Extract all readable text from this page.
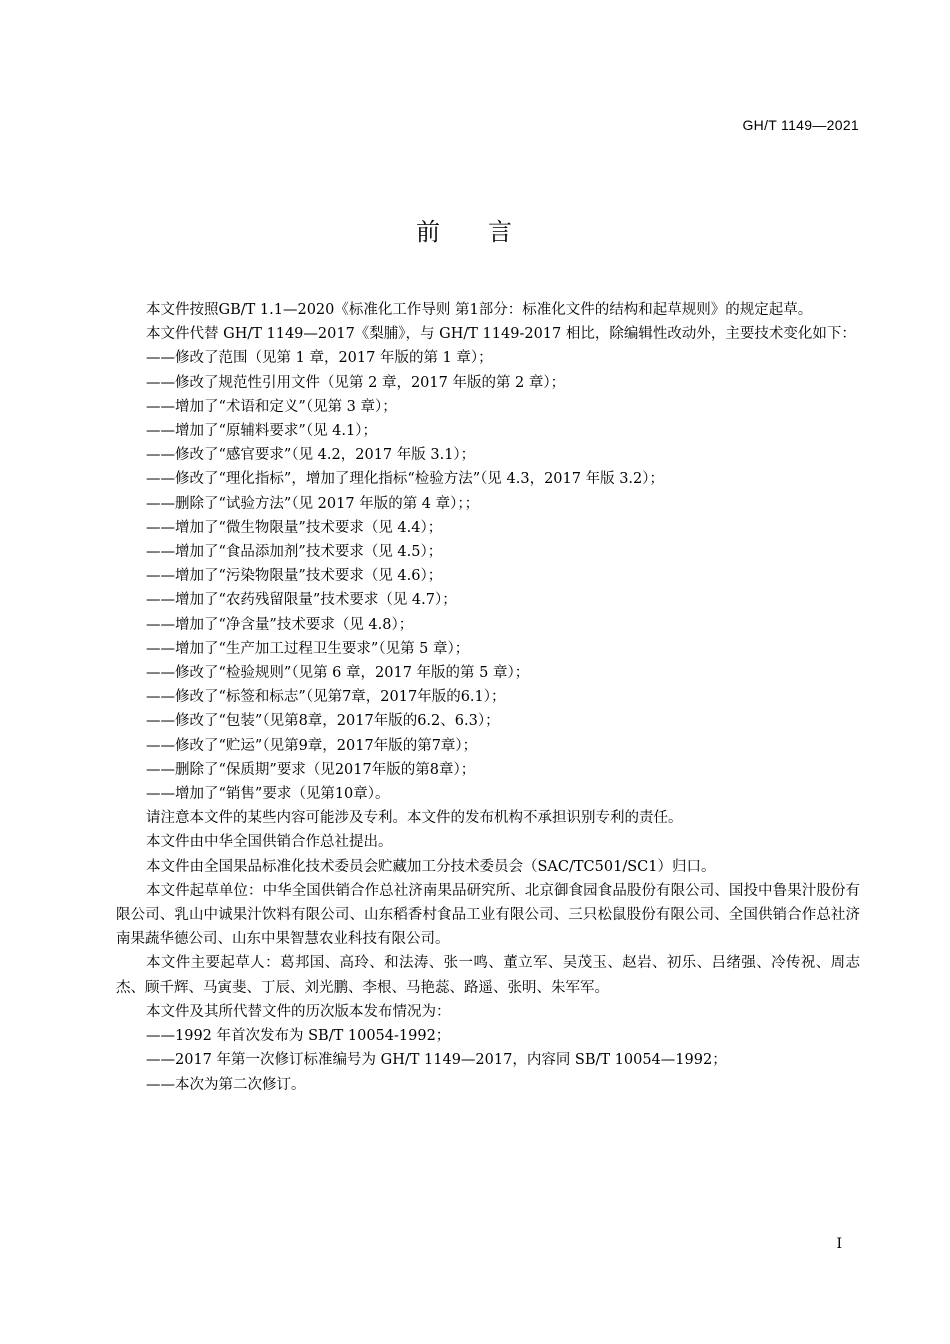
GH/T 1149—2021
前言

本文件按照GB/T 1.1—2020《标准化工作导则 第1部分：标准化文件的结构和起草规则》的规定起草。

本文件代替 GH/T 1149—2017《梨脯》，与 GH/T 1149-2017 相比，除编辑性改动外，主要技术变化如下：

——修改了范围（见第 1 章，2017 年版的第 1 章）；
——修改了规范性引用文件（见第 2 章，2017 年版的第 2 章）；
——增加了“术语和定义”（见第 3 章）；
——增加了“原辅料要求”（见 4.1）；
——修改了“感官要求”（见 4.2，2017 年版 3.1）；
——修改了“理化指标”，增加了理化指标“检验方法”（见 4.3，2017 年版 3.2）；
——删除了“试验方法”（见 2017 年版的第 4 章）；；
——增加了“微生物限量”技术要求（见 4.4）；
——增加了“食品添加剂”技术要求（见 4.5）；
——增加了“污染物限量”技术要求（见 4.6）；
——增加了“农药残留限量”技术要求（见 4.7）；
——增加了“净含量”技术要求（见 4.8）；
——增加了“生产加工过程卫生要求”（见第 5 章）；
——修改了“检验规则”（见第 6 章，2017 年版的第 5 章）；
——修改了“标签和标志”（见第7章，2017年版的6.1）；
——修改了“包装”（见第8章，2017年版的6.2、6.3）；
——修改了“贮运”（见第9章，2017年版的第7章）；
——删除了“保质期”要求（见2017年版的第8章）；
——增加了“销售”要求（见第10章）。

请注意本文件的某些内容可能涉及专利。本文件的发布机构不承担识别专利的责任。

本文件由中华全国供销合作总社提出。

本文件由全国果品标准化技术委员会贮藏加工分技术委员会（SAC/TC501/SC1）归口。

本文件起草单位：中华全国供销合作总社济南果品研究所、北京御食园食品股份有限公司、国投中鲁果汁股份有限公司、乳山中诚果汁饮料有限公司、山东稻香村食品工业有限公司、三只松鼠股份有限公司、全国供销合作总社济南果蔬华德公司、山东中果智慧农业科技有限公司。

本文件主要起草人：葛邦国、高玲、和法涛、张一鸣、董立军、吴茂玉、赵岩、初乐、吕绪强、冷传祝、周志杰、顾千辉、马寅斐、丁辰、刘光鹏、李根、马艳蕊、路遥、张明、朱军军。

本文件及其所代替文件的历次版本发布情况为：

——1992 年首次发布为 SB/T 10054-1992；
——2017 年第一次修订标准编号为 GH/T 1149—2017，内容同 SB/T 10054—1992；
——本次为第二次修订。
I
